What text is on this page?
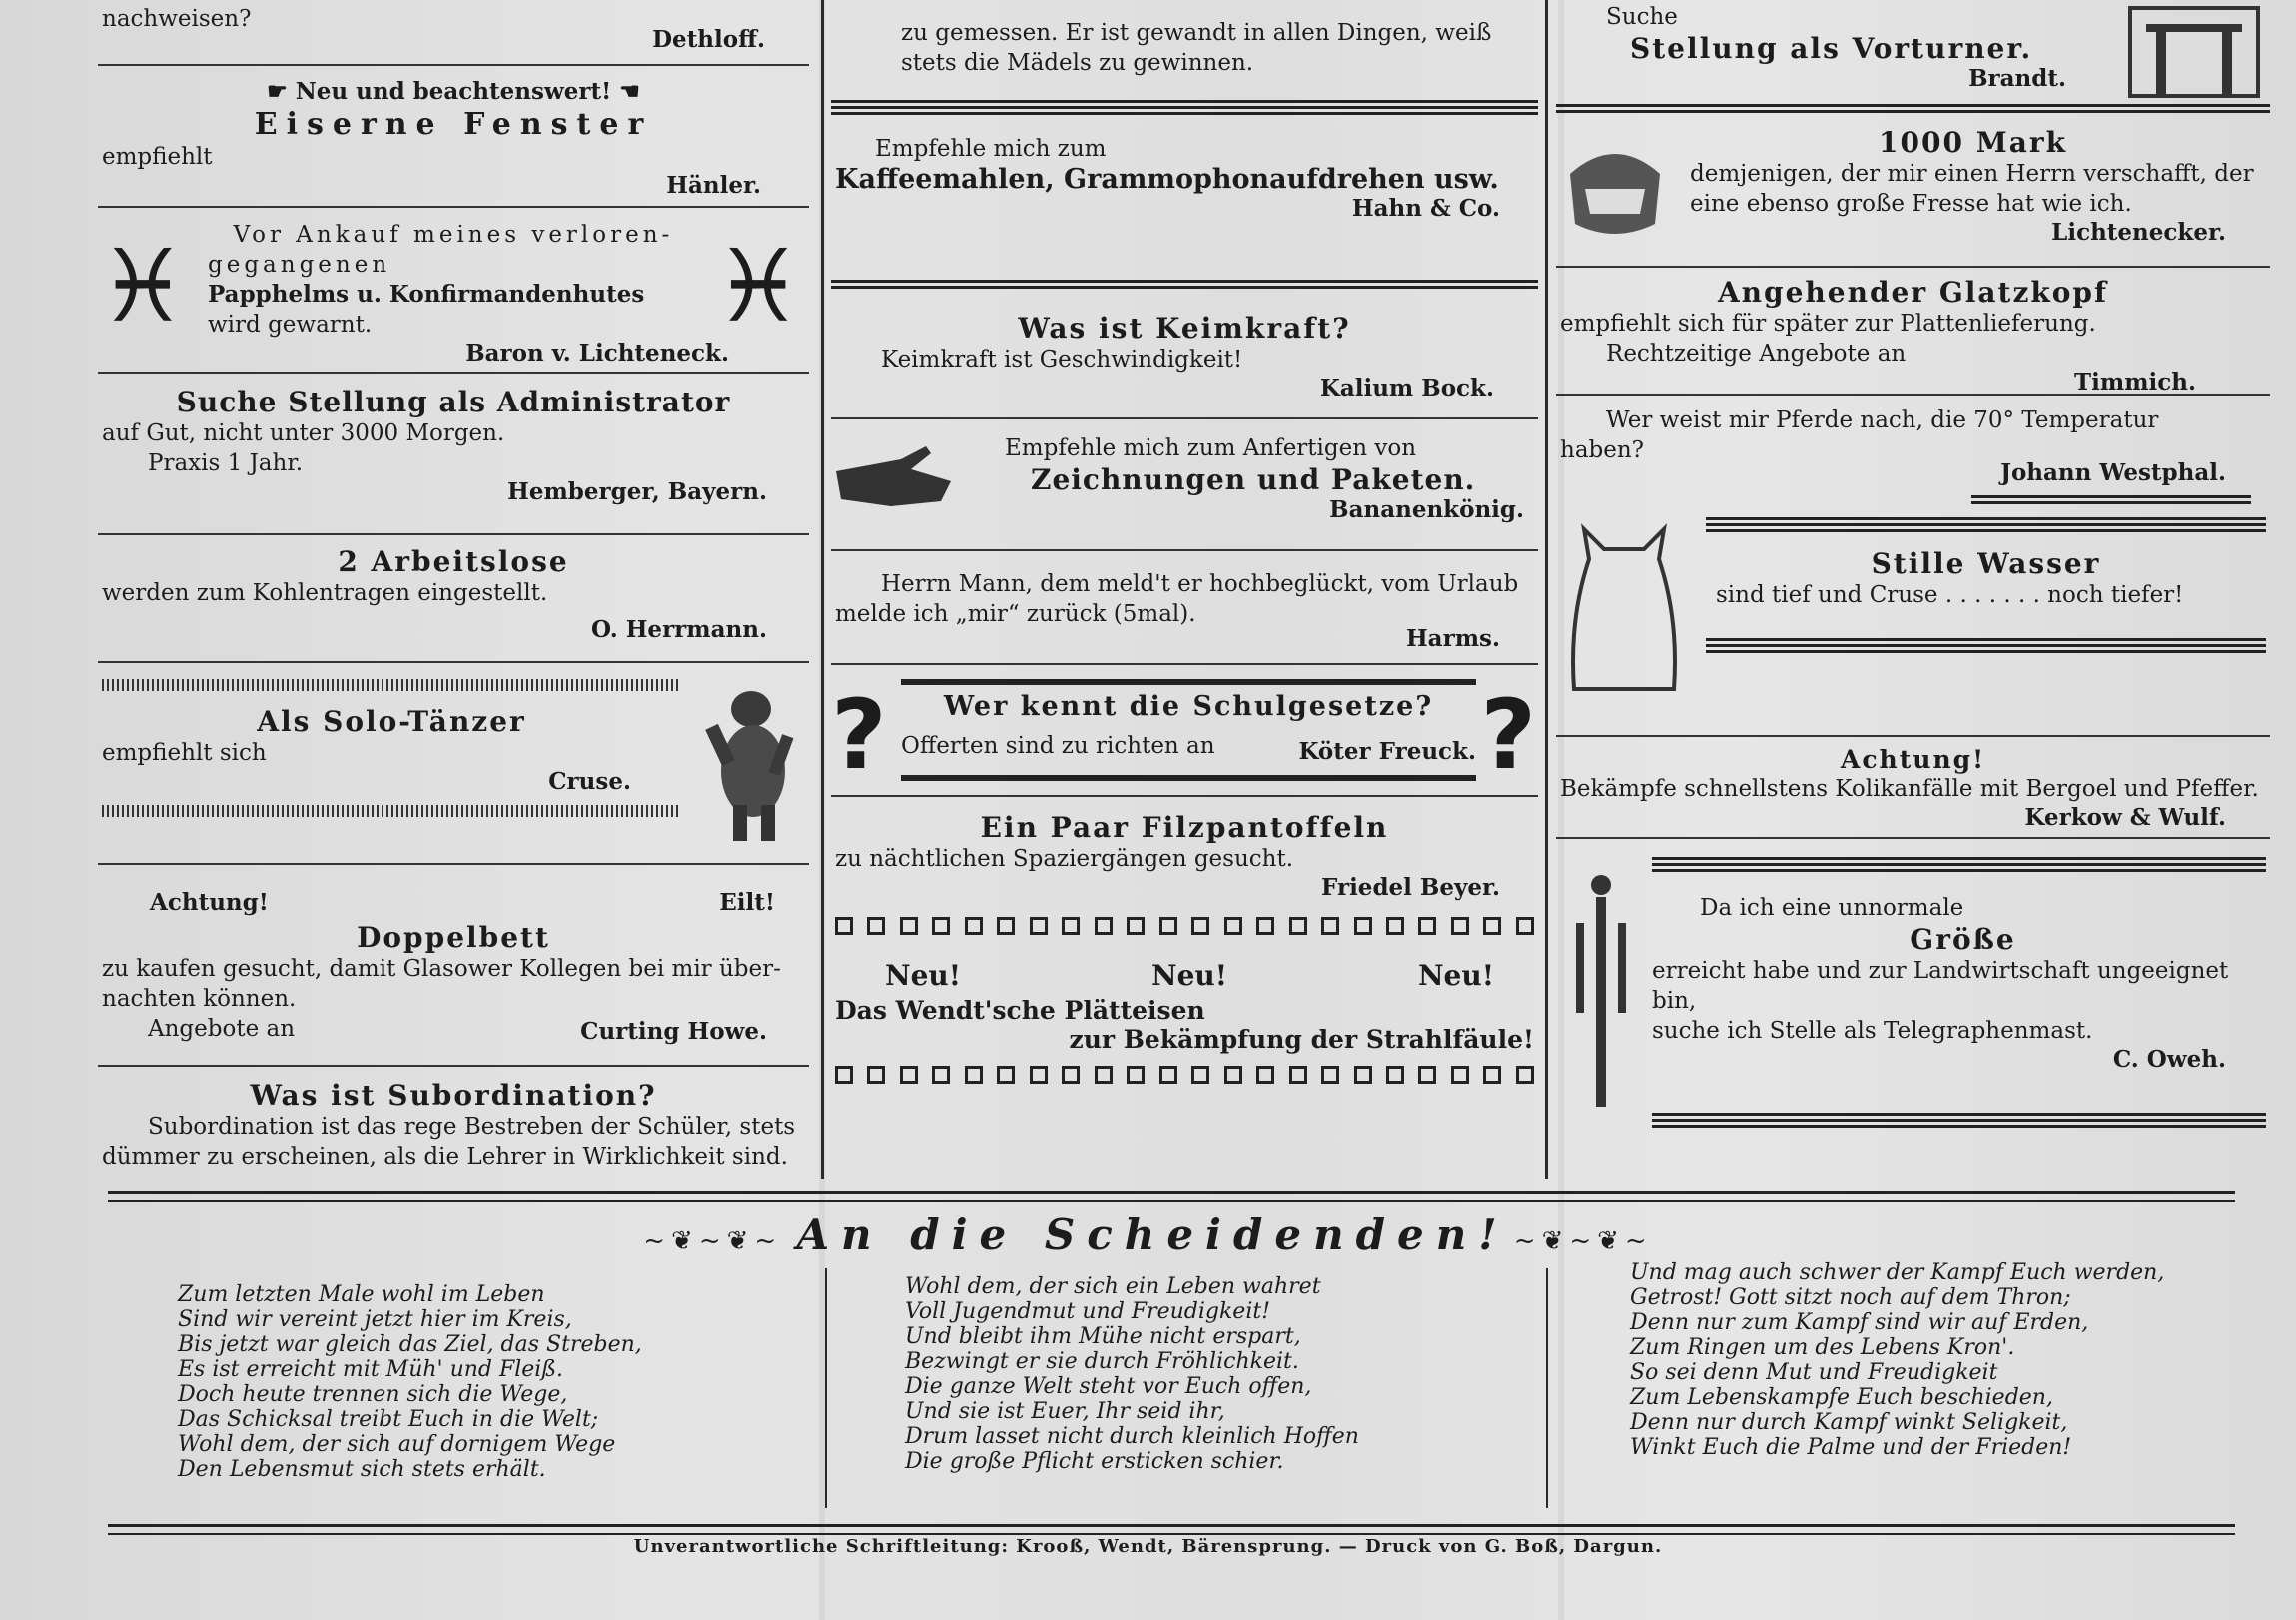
nachweisen?
Dethloff.
☛ Neu und beachtenswert! ☚
Eiserne Fenster
empfiehlt
Hänler.
♓	♓
Vor Ankauf meines verloren-
gegangenen
Papphelms u. Konfirmandenhutes
wird gewarnt.
Baron v. Lichteneck.
Suche Stellung als Administrator
auf Gut, nicht unter 3000 Morgen.
Praxis 1 Jahr.
Hemberger, Bayern.
2 Arbeitslose
werden zum Kohlentragen eingestellt.
O. Herrmann.
Als Solo-Tänzer
empfiehlt sich
Cruse.
Achtung!	Eilt!
Doppelbett
zu kaufen gesucht, damit Glasower Kollegen bei mir über-
nachten können.
Angebote an	Curting Howe.
Was ist Subordination?
Subordination ist das rege Bestreben der Schüler, stets
dümmer zu erscheinen, als die Lehrer in Wirklichkeit sind.
zu gemessen. Er ist gewandt in allen Dingen, weiß
stets die Mädels zu gewinnen.
Empfehle mich zum
Kaffeemahlen, Grammophonaufdrehen usw.
Hahn & Co.
Was ist Keimkraft?
Keimkraft ist Geschwindigkeit!
Kalium Bock.
Empfehle mich zum Anfertigen von
Zeichnungen und Paketen.
Bananenkönig.
Herrn Mann, dem meld't er hochbeglückt, vom Urlaub
melde ich „mir“ zurück (5mal).
Harms.
?	?
Wer kennt die Schulgesetze?
Offerten sind zu richten an	Köter Freuck.
Ein Paar Filzpantoffeln
zu nächtlichen Spaziergängen gesucht.
Friedel Beyer.
Neu!	Neu!	Neu!
Das Wendt'sche Plätteisen
zur Bekämpfung der Strahlfäule!
Suche
Stellung als Vorturner.
Brandt.
1000 Mark
demjenigen, der mir einen Herrn verschafft, der
eine ebenso große Fresse hat wie ich.
Lichtenecker.
Angehender Glatzkopf
empfiehlt sich für später zur Plattenlieferung.
Rechtzeitige Angebote an
Timmich.
Wer weist mir Pferde nach, die 70° Temperatur
haben?
Johann Westphal.
Stille Wasser
sind tief und Cruse . . . . . . . noch tiefer!
Achtung!
Bekämpfe schnellstens Kolikanfälle mit Bergoel und Pfeffer.
Kerkow & Wulf.
Da ich eine unnormale
Größe
erreicht habe und zur Landwirtschaft ungeeignet bin,
suche ich Stelle als Telegraphenmast.
C. Oweh.
~❦~❦~ An die Scheidenden! ~❦~❦~
Zum letzten Male wohl im Leben
Sind wir vereint jetzt hier im Kreis,
Bis jetzt war gleich das Ziel, das Streben,
Es ist erreicht mit Müh' und Fleiß.
Doch heute trennen sich die Wege,
Das Schicksal treibt Euch in die Welt;
Wohl dem, der sich auf dornigem Wege
Den Lebensmut sich stets erhält.
Wohl dem, der sich ein Leben wahret
Voll Jugendmut und Freudigkeit!
Und bleibt ihm Mühe nicht erspart,
Bezwingt er sie durch Fröhlichkeit.
Die ganze Welt steht vor Euch offen,
Und sie ist Euer, Ihr seid ihr,
Drum lasset nicht durch kleinlich Hoffen
Die große Pflicht ersticken schier.
Und mag auch schwer der Kampf Euch werden,
Getrost! Gott sitzt noch auf dem Thron;
Denn nur zum Kampf sind wir auf Erden,
Zum Ringen um des Lebens Kron'.
So sei denn Mut und Freudigkeit
Zum Lebenskampfe Euch beschieden,
Denn nur durch Kampf winkt Seligkeit,
Winkt Euch die Palme und der Frieden!
Unverantwortliche Schriftleitung: Krooß, Wendt, Bärensprung. — Druck von G. Boß, Dargun.
